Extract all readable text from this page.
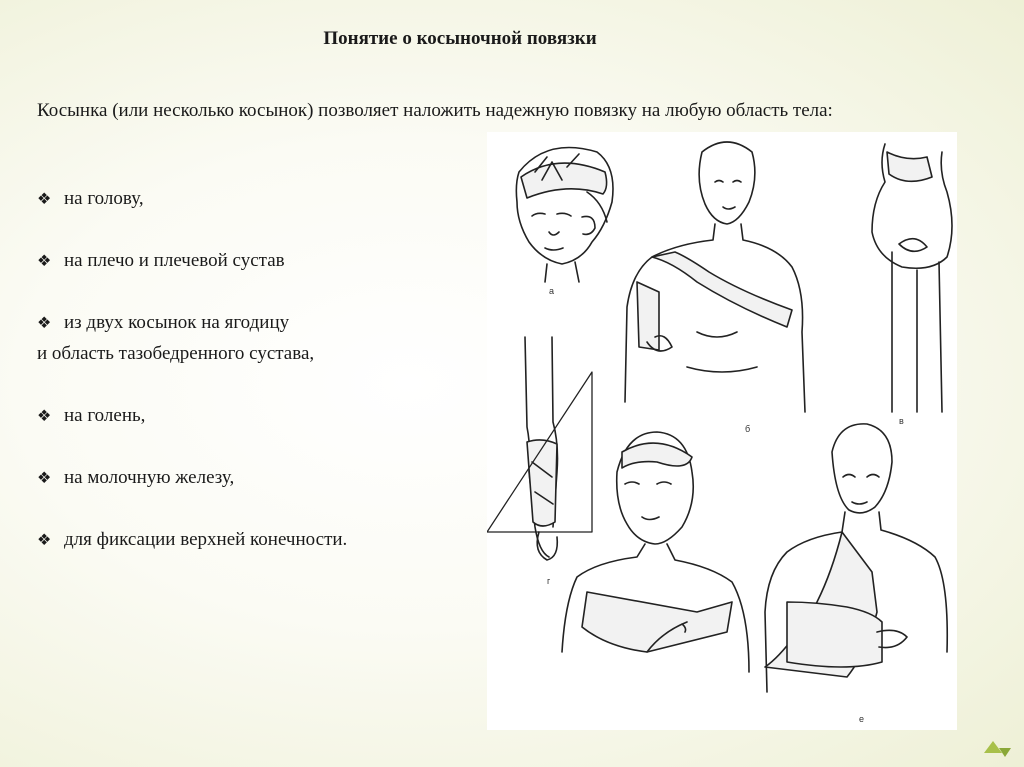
Понятие о косыночной повязки
Косынка (или несколько косынок) позволяет наложить надежную повязку на любую область тела:
❖ на голову,
❖ на плечо и плечевой сустав
❖ из двух косынок на ягодицу
и область тазобедренного сустава,
❖ на голень,
❖ на молочную железу,
❖ для фиксации верхней конечности.
б
в
а
г
е
